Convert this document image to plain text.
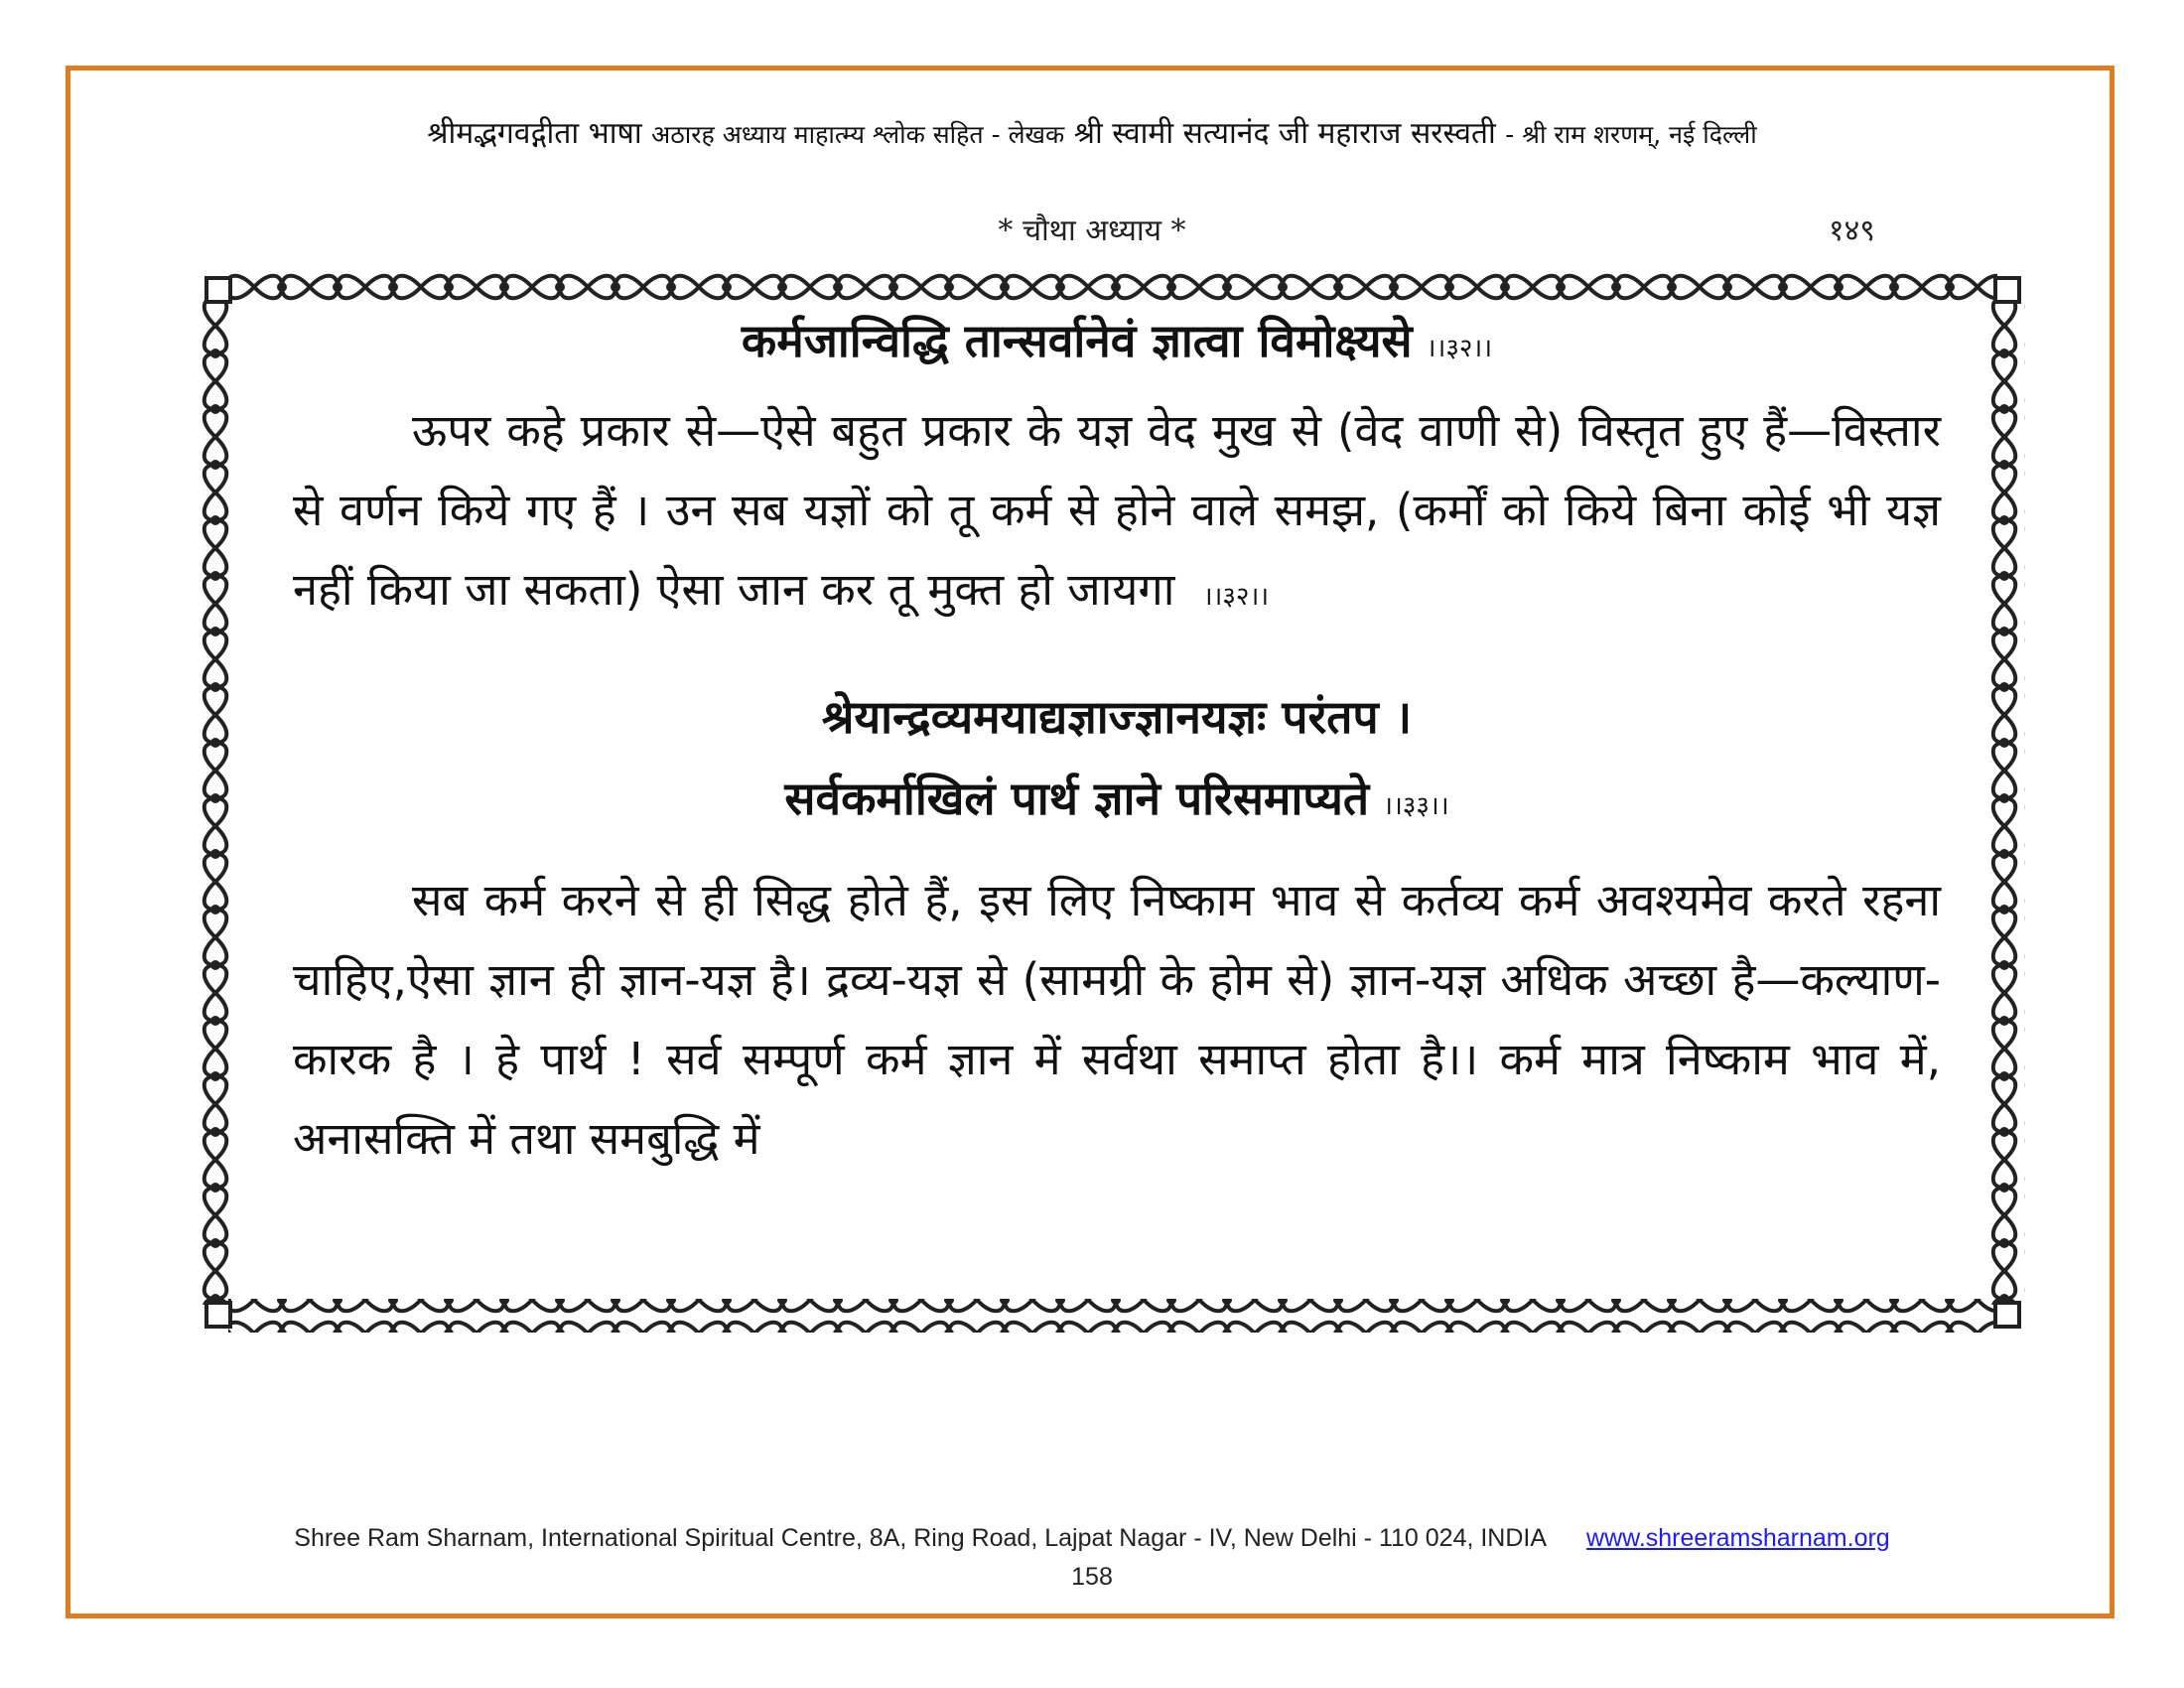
श्रीमद्भगवद्गीता भाषा अठारह अध्याय माहात्म्य श्लोक सहित - लेखक श्री स्वामी सत्यानंद जी महाराज सरस्वती - श्री राम शरणम्, नई दिल्ली
* चौथा अध्याय *	१४९

कर्मजान्विद्धि तान्सर्वानेवं ज्ञात्वा विमोक्ष्यसे ।।३२।।

ऊपर कहे प्रकार से—ऐसे बहुत प्रकार के यज्ञ वेद मुख से (वेद वाणी से) विस्तृत हुए हैं—विस्तार से वर्णन किये गए हैं । उन सब यज्ञों को तू कर्म से होने वाले समझ, (कर्मों को किये बिना कोई भी यज्ञ नहीं किया जा सकता) ऐसा जान कर तू मुक्त हो जायगा ।।३२।।

श्रेयान्द्रव्यमयाद्यज्ञाज्ज्ञानयज्ञः परंतप ।

सर्वकर्माखिलं पार्थ ज्ञाने परिसमाप्यते ।।३३।।

सब कर्म करने से ही सिद्ध होते हैं, इस लिए निष्काम भाव से कर्तव्य कर्म अवश्यमेव करते रहना चाहिए,ऐसा ज्ञान ही ज्ञान-यज्ञ है। द्रव्य-यज्ञ से (सामग्री के होम से) ज्ञान-यज्ञ अधिक अच्छा है—कल्याण-कारक है । हे पार्थ ! सर्व सम्पूर्ण कर्म ज्ञान में सर्वथा समाप्त होता है।। कर्म मात्र निष्काम भाव में, अनासक्ति में तथा समबुद्धि में

Shree Ram Sharnam, International Spiritual Centre, 8A, Ring Road, Lajpat Nagar - IV, New Delhi - 110 024, INDIA www.shreeramsharnam.org
158
